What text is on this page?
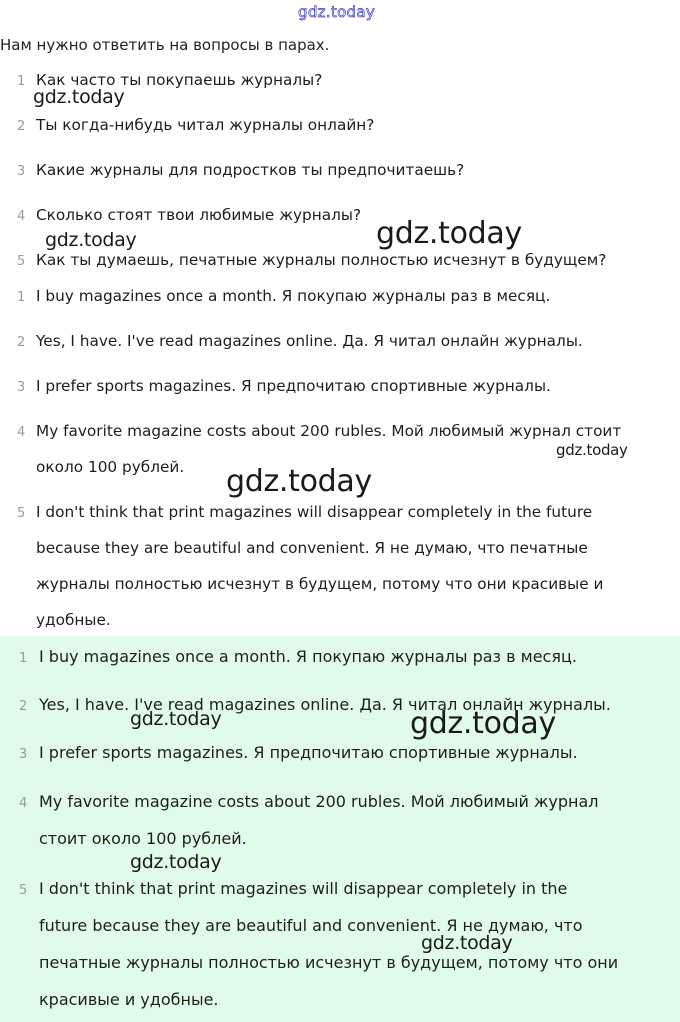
gdz.today
Нам нужно ответить на вопросы в парах.
1 Как часто ты покупаешь журналы?
2 Ты когда-нибудь читал журналы онлайн?
3 Какие журналы для подростков ты предпочитаешь?
4 Сколько стоят твои любимые журналы?
5 Как ты думаешь, печатные журналы полностью исчезнут в будущем?
1 I buy magazines once a month. Я покупаю журналы раз в месяц.
2 Yes, I have. I've read magazines online. Да. Я читал онлайн журналы.
3 I prefer sports magazines. Я предпочитаю спортивные журналы.
4 My favorite magazine costs about 200 rubles. Мой любимый журнал стоит
около 100 рублей.
5 I don't think that print magazines will disappear completely in the future
because they are beautiful and convenient. Я не думаю, что печатные
журналы полностью исчезнут в будущем, потому что они красивые и
удобные.
1 I buy magazines once a month. Я покупаю журналы раз в месяц.
2 Yes, I have. I've read magazines online. Да. Я читал онлайн журналы.
3 I prefer sports magazines. Я предпочитаю спортивные журналы.
4 My favorite magazine costs about 200 rubles. Мой любимый журнал
стоит около 100 рублей.
5 I don't think that print magazines will disappear completely in the
future because they are beautiful and convenient. Я не думаю, что
печатные журналы полностью исчезнут в будущем, потому что они
красивые и удобные.
gdz.today
gdz.today	gdz.today
gdz.today
gdz.today
gdz.today	gdz.today
gdz.today
gdz.today
